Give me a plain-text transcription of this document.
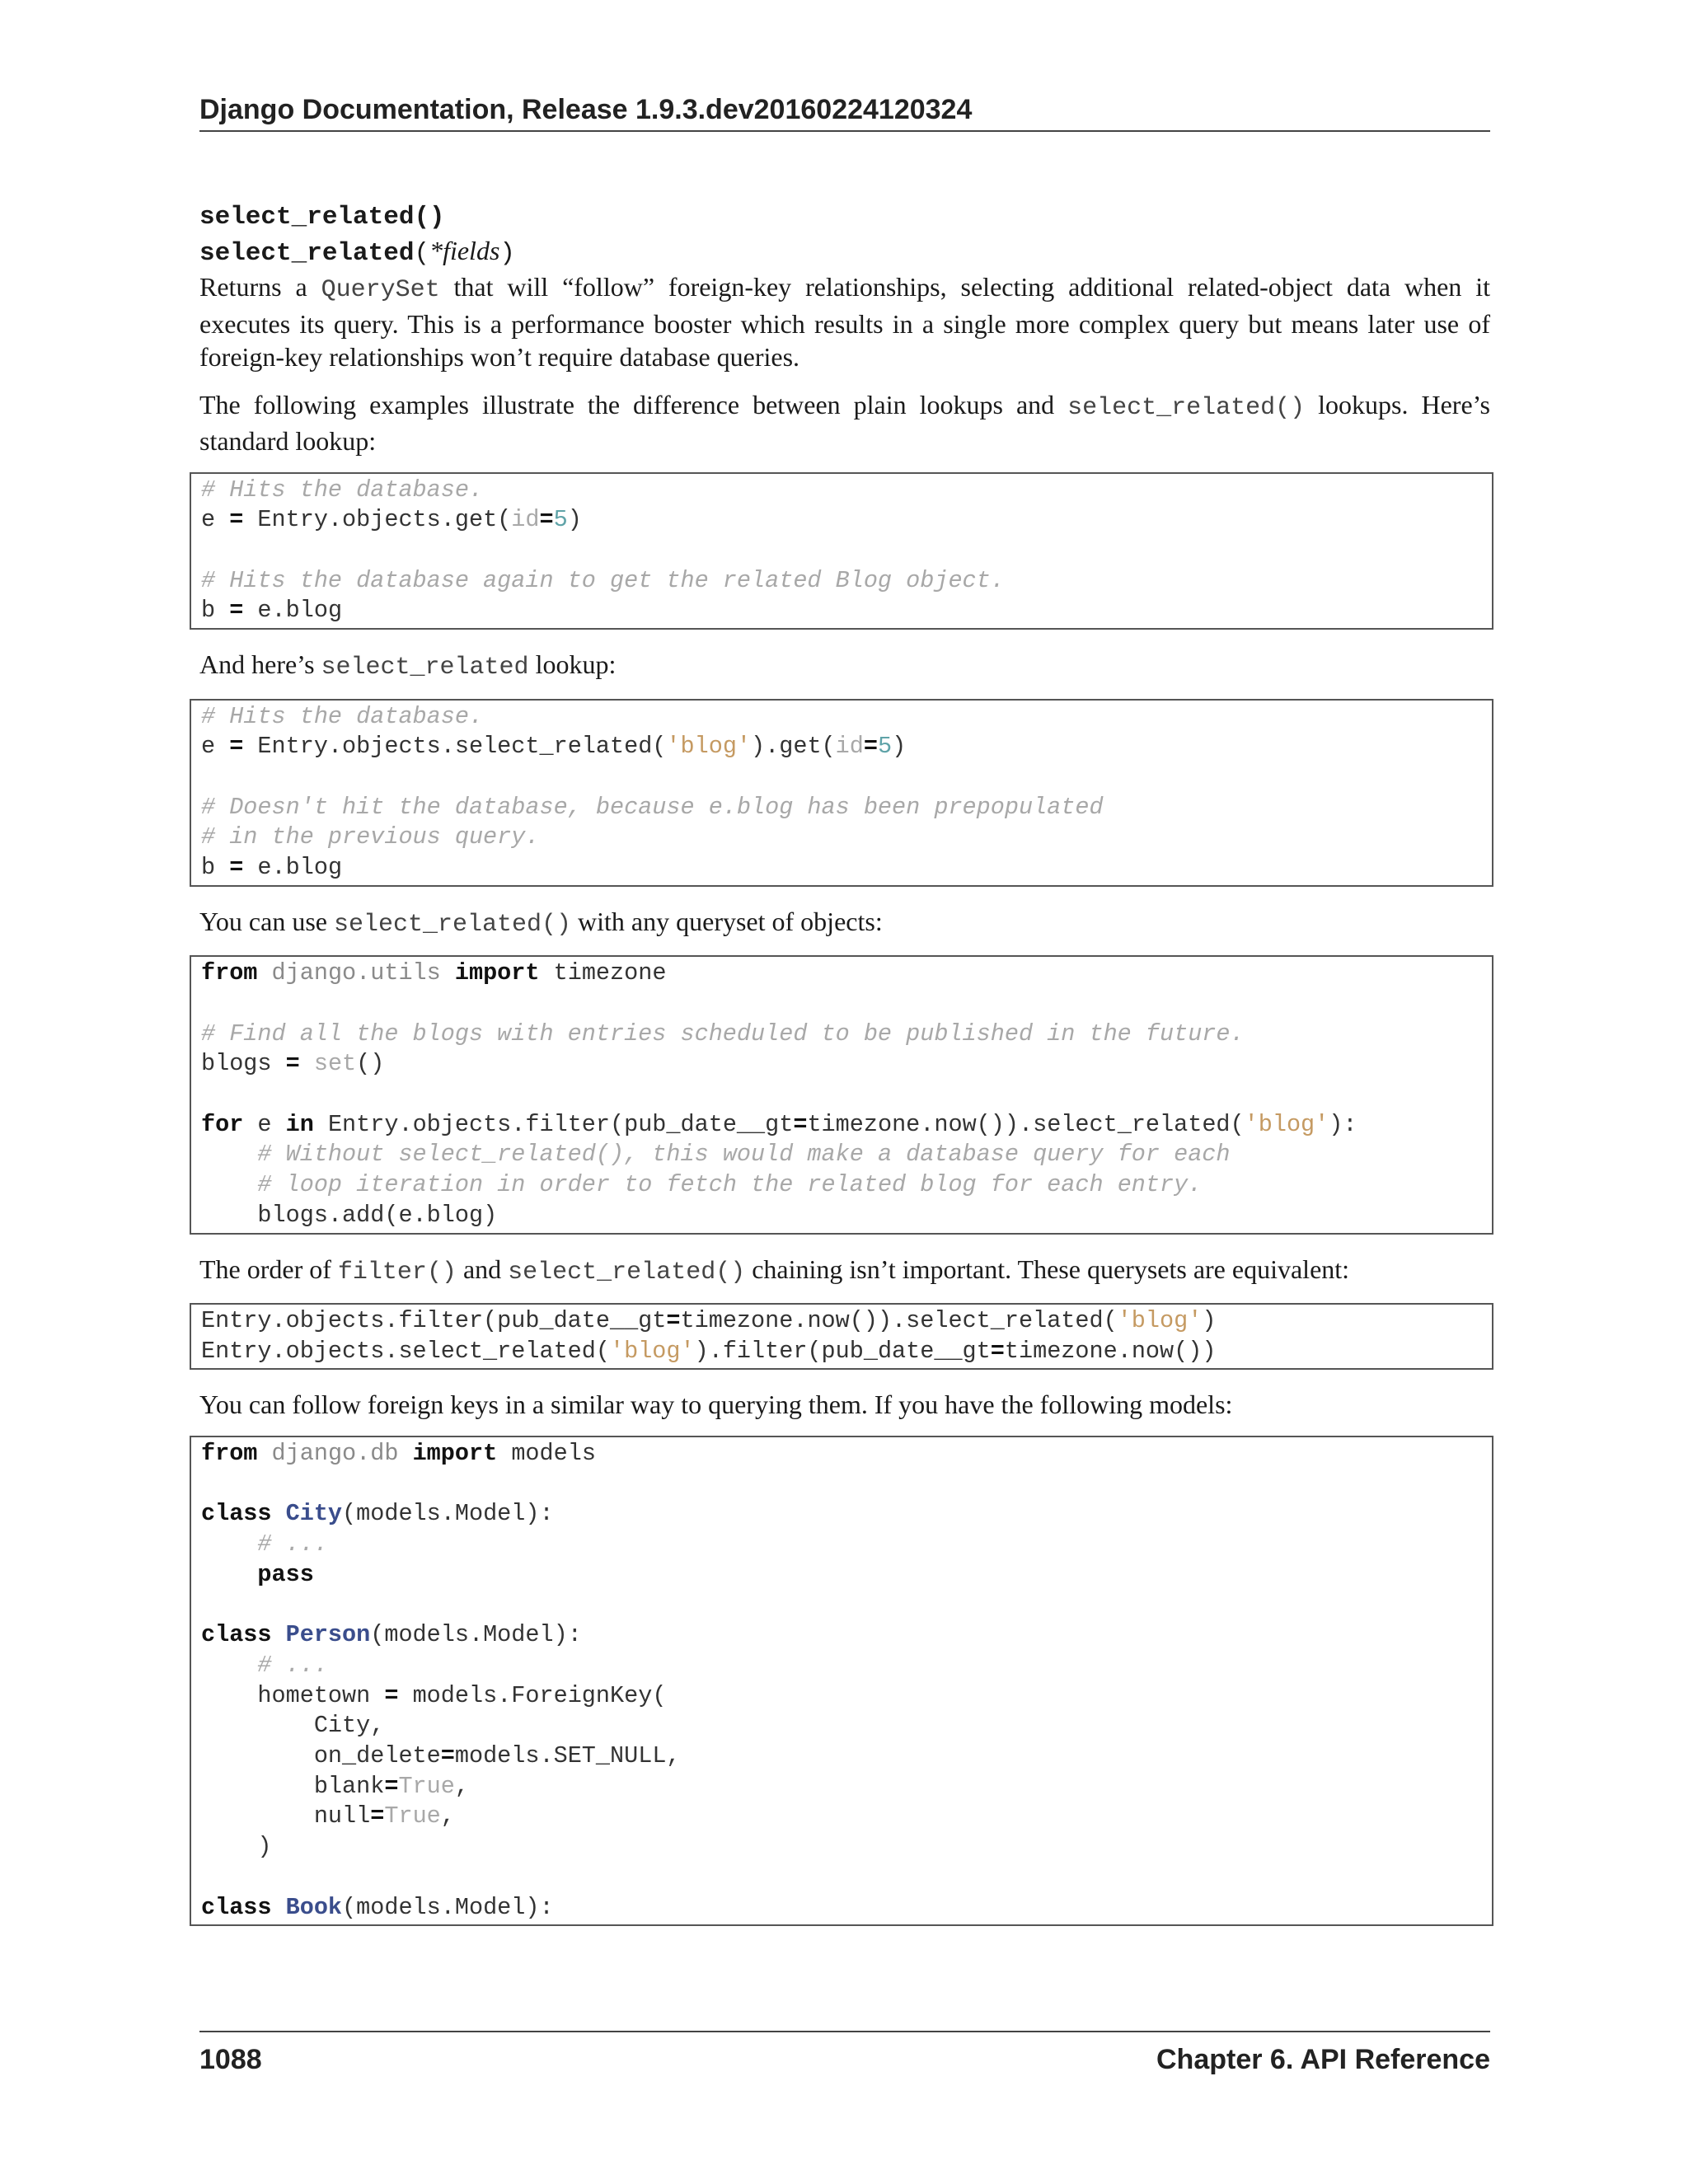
Django Documentation, Release 1.9.3.dev20160224120324
select_related()
select_related(*fields)

Returns a QuerySet that will “follow” foreign-key relationships, selecting additional related-object data when it executes its query. This is a performance booster which results in a single more complex query but means later use of foreign-key relationships won’t require database queries.

The following examples illustrate the difference between plain lookups and select_related() lookups. Here’s standard lookup:

# Hits the database.
e = Entry.objects.get(id=5)

# Hits the database again to get the related Blog object.
b = e.blog

And here’s select_related lookup:

# Hits the database.
e = Entry.objects.select_related('blog').get(id=5)

# Doesn't hit the database, because e.blog has been prepopulated
# in the previous query.
b = e.blog

You can use select_related() with any queryset of objects:

from django.utils import timezone

# Find all the blogs with entries scheduled to be published in the future.
blogs = set()

for e in Entry.objects.filter(pub_date__gt=timezone.now()).select_related('blog'):
# Without select_related(), this would make a database query for each
# loop iteration in order to fetch the related blog for each entry.
blogs.add(e.blog)

The order of filter() and select_related() chaining isn’t important. These querysets are equivalent:

Entry.objects.filter(pub_date__gt=timezone.now()).select_related('blog')
Entry.objects.select_related('blog').filter(pub_date__gt=timezone.now())

You can follow foreign keys in a similar way to querying them. If you have the following models:

from django.db import models

class City(models.Model):
# ...
pass

class Person(models.Model):
# ...
hometown = models.ForeignKey(
City,
on_delete=models.SET_NULL,
blank=True,
null=True,
)

class Book(models.Model):
1088	Chapter 6. API Reference
